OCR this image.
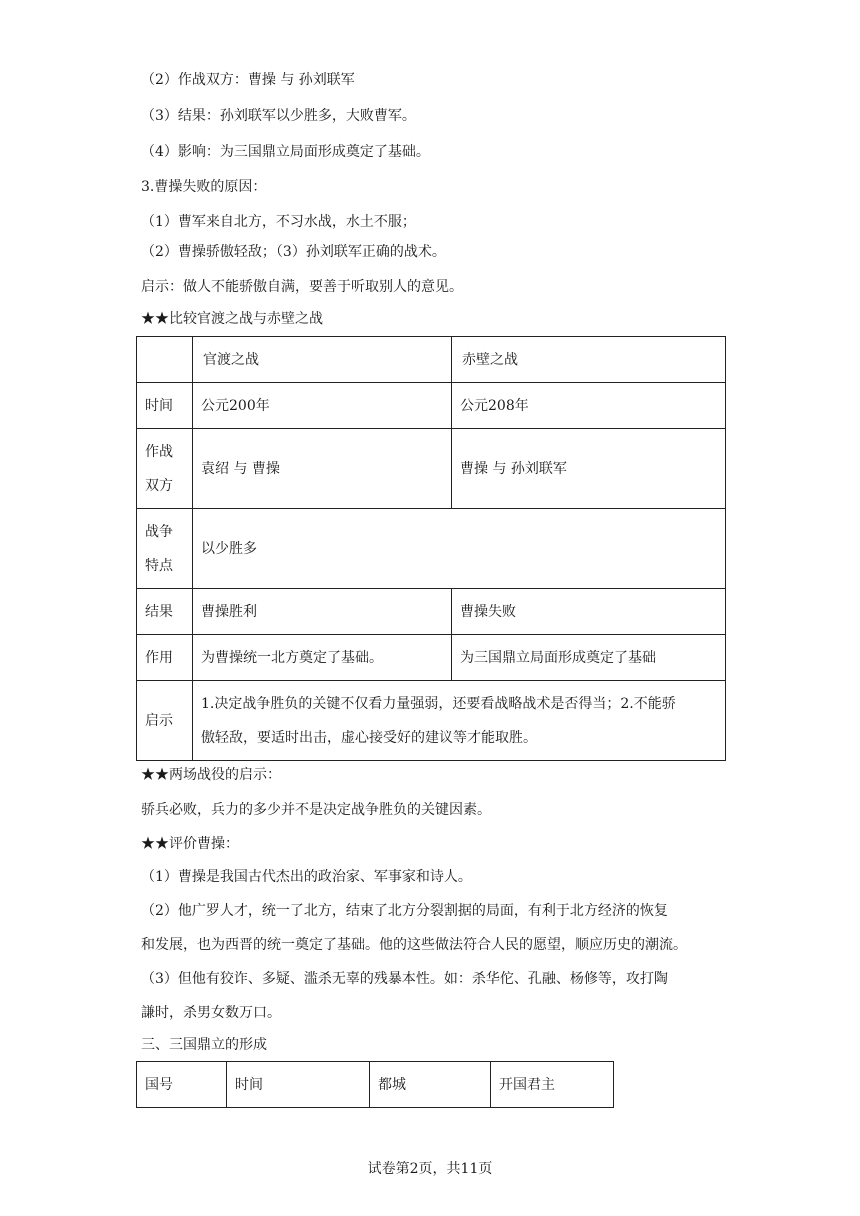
（2）作战双方：曹操 与 孙刘联军
（3）结果：孙刘联军以少胜多，大败曹军。
（4）影响：为三国鼎立局面形成奠定了基础。
3.曹操失败的原因：
（1）曹军来自北方，不习水战，水土不服；
（2）曹操骄傲轻敌；（3）孙刘联军正确的战术。
启示：做人不能骄傲自满，要善于听取别人的意见。
★★比较官渡之战与赤壁之战
	官渡之战	赤壁之战
时间	公元200年	公元208年

作战
双方	袁绍 与 曹操	曹操 与 孙刘联军

战争
特点	以少胜多	
结果	曹操胜利	曹操失败
作用	为曹操统一北方奠定了基础。	为三国鼎立局面形成奠定了基础
启示	1.决定战争胜负的关键不仅看力量强弱，还要看战略战术是否得当；2.不能骄
傲轻敌，要适时出击，虚心接受好的建议等才能取胜。	
★★两场战役的启示：
骄兵必败，兵力的多少并不是决定战争胜负的关键因素。
★★评价曹操：
（1）曹操是我国古代杰出的政治家、军事家和诗人。
（2）他广罗人才，统一了北方，结束了北方分裂割据的局面，有利于北方经济的恢复
和发展，也为西晋的统一奠定了基础。他的这些做法符合人民的愿望，顺应历史的潮流。
（3）但他有狡诈、多疑、滥杀无辜的残暴本性。如：杀华佗、孔融、杨修等，攻打陶
謙时，杀男女数万口。
三、三国鼎立的形成
国号	时间	都城	开国君主
试卷第2页，共11页
